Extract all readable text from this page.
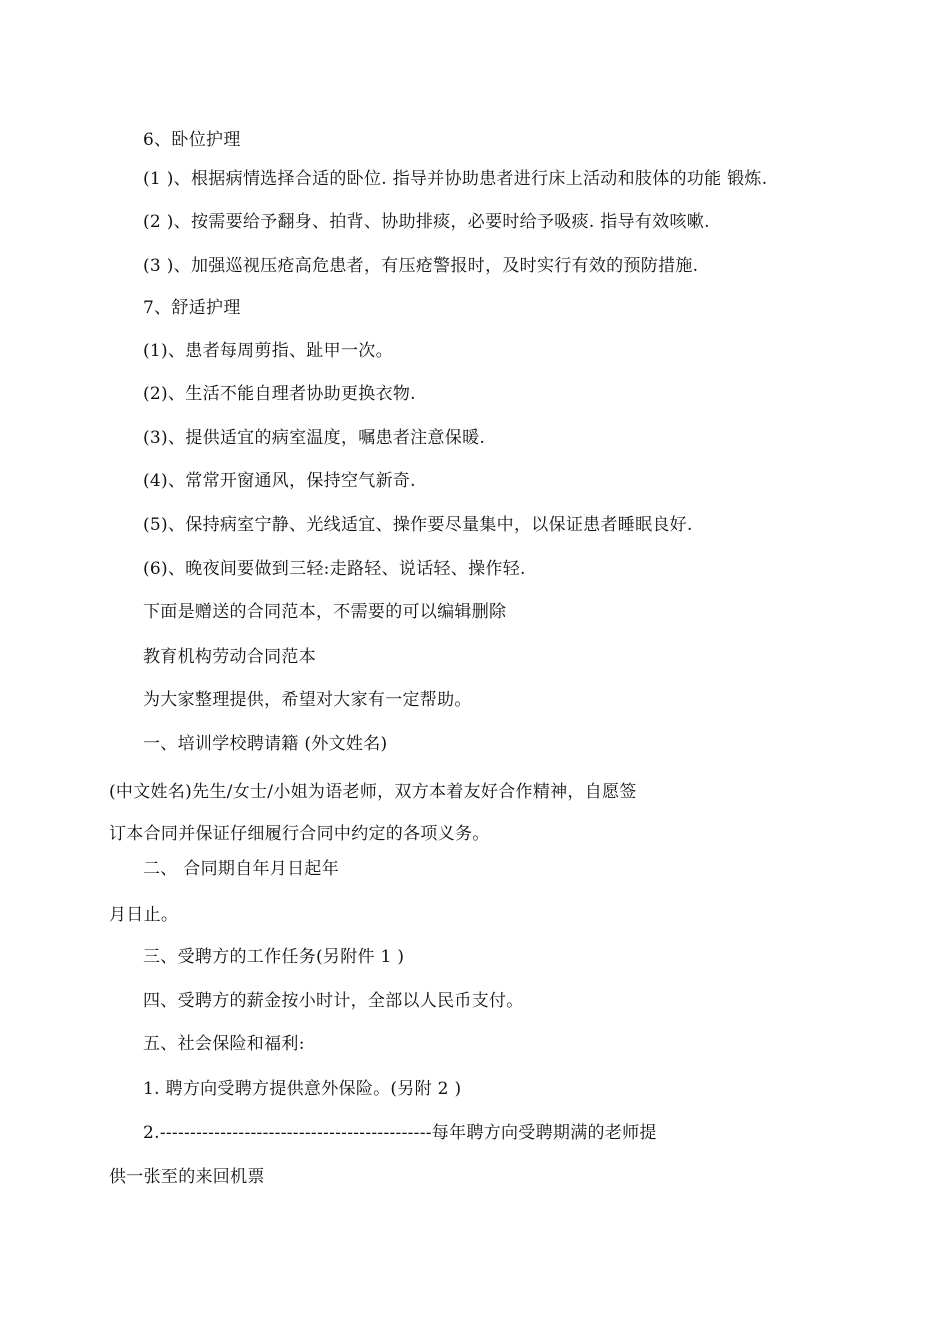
6、卧位护理
(1 )、根据病情选择合适的卧位. 指导并协助患者进行床上活动和肢体的功能 锻炼.
(2 )、按需要给予翻身、拍背、协助排痰，必要时给予吸痰. 指导有效咳嗽.
(3 )、加强巡视压疮高危患者，有压疮警报时，及时实行有效的预防措施.
7、舒适护理
(1)、患者每周剪指、趾甲一次。
(2)、生活不能自理者协助更换衣物.
(3)、提供适宜的病室温度，嘱患者注意保暖.
(4)、常常开窗通风，保持空气新奇.
(5)、保持病室宁静、光线适宜、操作要尽量集中，以保证患者睡眠良好.
(6)、晚夜间要做到三轻:走路轻、说话轻、操作轻.
下面是赠送的合同范本，不需要的可以编辑删除
教育机构劳动合同范本
为大家整理提供，希望对大家有一定帮助。
一、培训学校聘请籍 (外文姓名)
(中文姓名)先生/女士/小姐为语老师，双方本着友好合作精神，自愿签
订本合同并保证仔细履行合同中约定的各项义务。
二、 合同期自年月日起年
月日止。
三、受聘方的工作任务(另附件 1 )
四、受聘方的薪金按小时计，全部以人民币支付。
五、社会保险和福利:
1. 聘方向受聘方提供意外保险。(另附 2 )
2.---------------------------------------------每年聘方向受聘期满的老师提
供一张至的来回机票
